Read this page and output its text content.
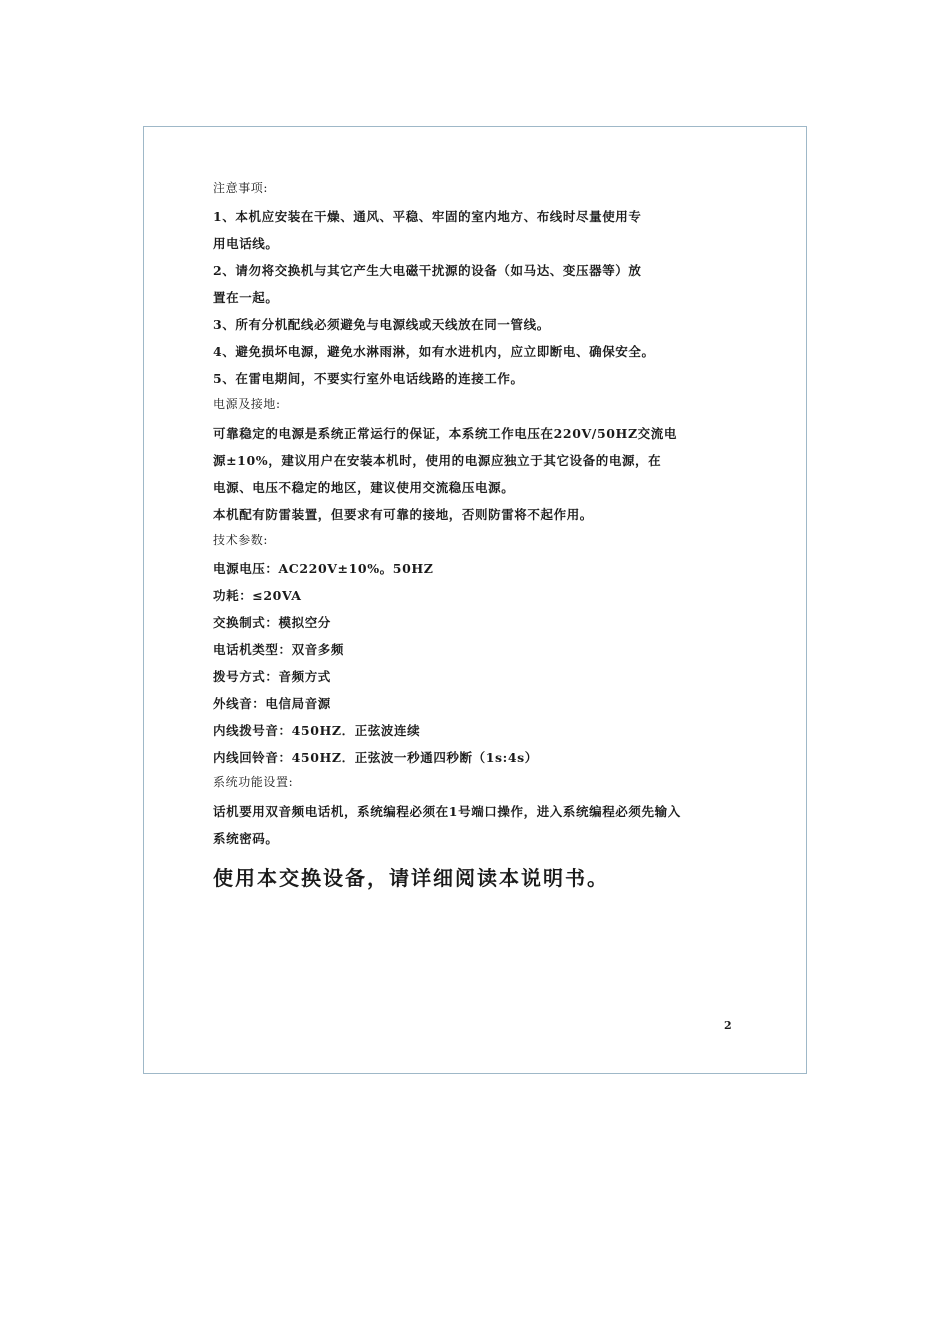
注意事项:
1、本机应安装在干燥、通风、平稳、牢固的室内地方、布线时尽量使用专
用电话线。
2、请勿将交换机与其它产生大电磁干扰源的设备（如马达、变压器等）放
置在一起。
3、所有分机配线必须避免与电源线或天线放在同一管线。
4、避免损坏电源，避免水淋雨淋，如有水进机内，应立即断电、确保安全。
5、在雷电期间，不要实行室外电话线路的连接工作。
电源及接地:
可靠稳定的电源是系统正常运行的保证，本系统工作电压在220V/50HZ交流电
源±10%，建议用户在安装本机时，使用的电源应独立于其它设备的电源，在
电源、电压不稳定的地区，建议使用交流稳压电源。
本机配有防雷装置，但要求有可靠的接地，否则防雷将不起作用。
技术参数:
电源电压：AC220V±10%。50HZ
功耗：≤20VA
交换制式：模拟空分
电话机类型：双音多频
拨号方式：音频方式
外线音：电信局音源
内线拨号音：450HZ．正弦波连续
内线回铃音：450HZ．正弦波一秒通四秒断（1s:4s）
系统功能设置:
话机要用双音频电话机，系统编程必须在1号端口操作，进入系统编程必须先输入
系统密码。
使用本交换设备，请详细阅读本说明书。
2
